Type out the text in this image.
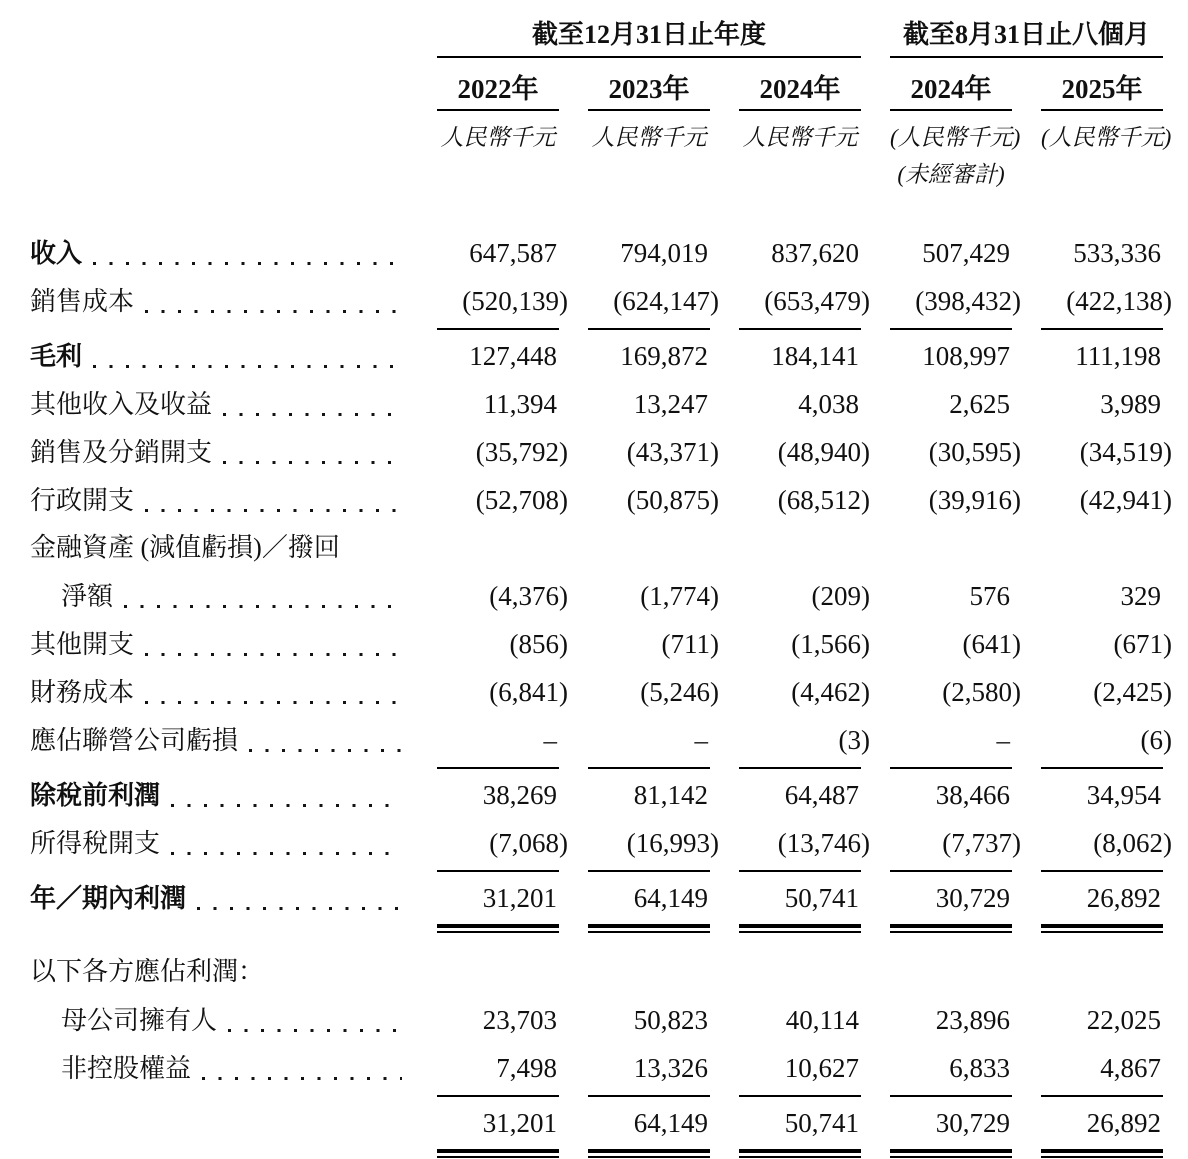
截至12月31日止年度	截至8月31日止八個月
2022年	2023年	2024年	2024年	2025年
人民幣千元 人民幣千元 人民幣千元 (人民幣千元) (人民幣千元)
(未經審計)
收入	647,587	794,019	837,620	507,429	533,336
銷售成本	(520,139)	(624,147)	(653,479)	(398,432)	(422,138)
毛利	127,448	169,872	184,141	108,997	111,198
其他收入及收益	11,394	13,247	4,038	2,625	3,989
銷售及分銷開支	(35,792)	(43,371)	(48,940)	(30,595)	(34,519)
行政開支	(52,708)	(50,875)	(68,512)	(39,916)	(42,941)
金融資產 (減值虧損)／撥回
淨額	(4,376)	(1,774)	(209)	576	329
其他開支	(856)	(711)	(1,566)	(641)	(671)
財務成本	(6,841)	(5,246)	(4,462)	(2,580)	(2,425)
應佔聯營公司虧損	–	–	(3)	–	(6)
除稅前利潤	38,269	81,142	64,487	38,466	34,954
所得稅開支	(7,068)	(16,993)	(13,746)	(7,737)	(8,062)
年／期內利潤	31,201	64,149	50,741	30,729	26,892
以下各方應佔利潤：
母公司擁有人	23,703	50,823	40,114	23,896	22,025
非控股權益	7,498	13,326	10,627	6,833	4,867
31,201	64,149	50,741	30,729	26,892
